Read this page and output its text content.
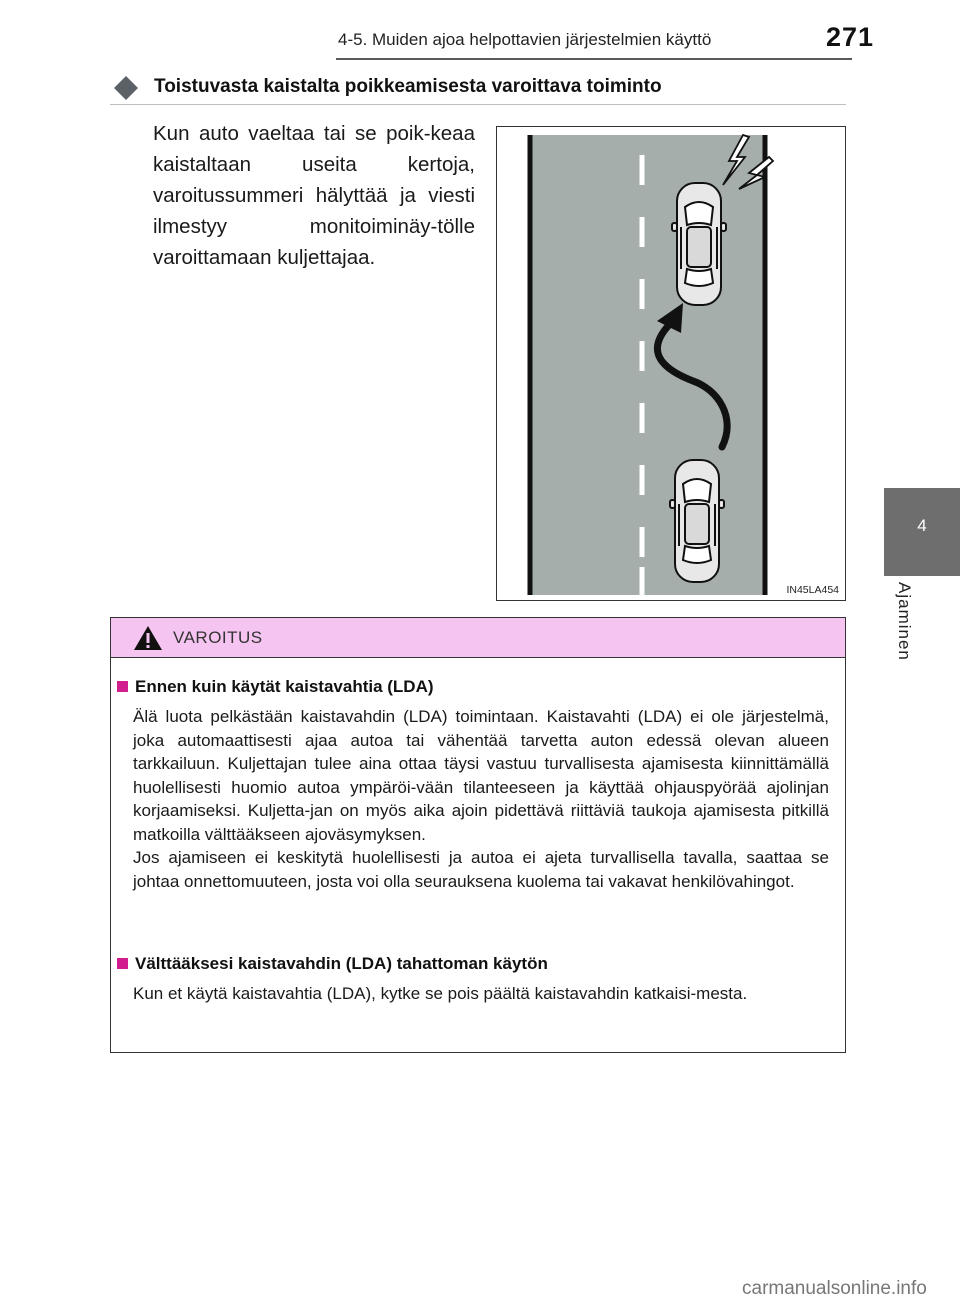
4-5. Muiden ajoa helpottavien järjestelmien käyttö	271
4
Ajaminen
Toistuvasta kaistalta poikkeamisesta varoittava toiminto
Kun auto vaeltaa tai se poik-keaa kaistaltaan useita kertoja, varoitussummeri hälyttää ja viesti ilmestyy monitoiminäy-tölle varoittamaan kuljettajaa.
IN45LA454
VAROITUS
Ennen kuin käytät kaistavahtia (LDA)

Älä luota pelkästään kaistavahdin (LDA) toimintaan. Kaistavahti (LDA) ei ole järjestelmä, joka automaattisesti ajaa autoa tai vähentää tarvetta auton edessä olevan alueen tarkkailuun. Kuljettajan tulee aina ottaa täysi vastuu turvallisesta ajamisesta kiinnittämällä huolellisesti huomio autoa ympäröi-vään tilanteeseen ja käyttää ohjauspyörää ajolinjan korjaamiseksi. Kuljetta-jan on myös aika ajoin pidettävä riittäviä taukoja ajamisesta pitkillä matkoilla välttääkseen ajoväsymyksen.

Jos ajamiseen ei keskitytä huolellisesti ja autoa ei ajeta turvallisella tavalla, saattaa se johtaa onnettomuuteen, josta voi olla seurauksena kuolema tai vakavat henkilövahingot.

Välttääksesi kaistavahdin (LDA) tahattoman käytön

Kun et käytä kaistavahtia (LDA), kytke se pois päältä kaistavahdin katkaisi-mesta.

carmanualsonline.info
